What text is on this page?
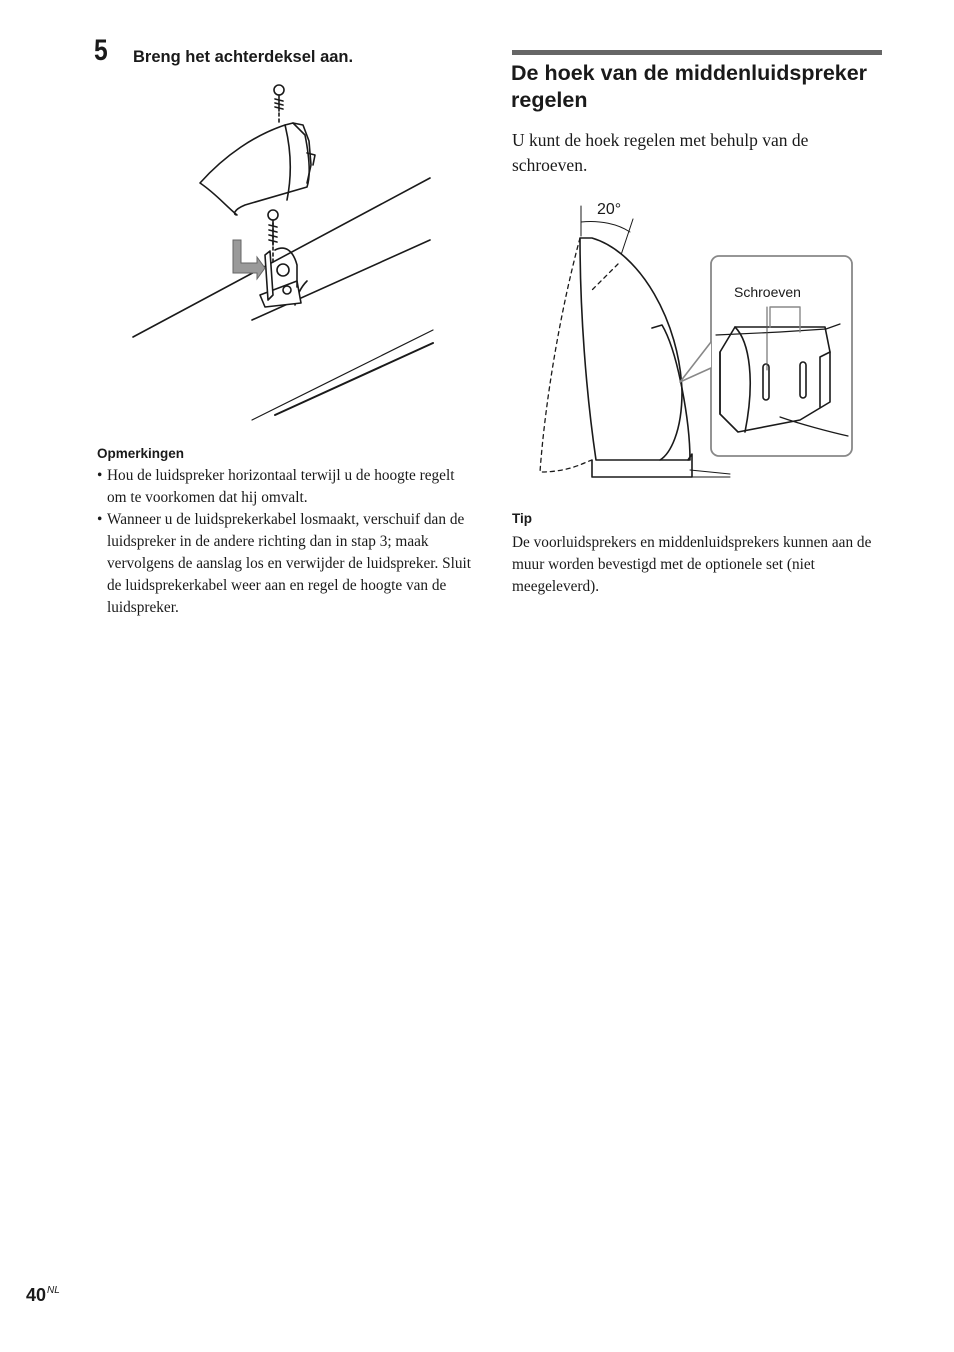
5 Breng het achterdeksel aan.
Opmerkingen
• Hou de luidspreker horizontaal terwijl u de hoogte regelt om te voorkomen dat hij omvalt.
• Wanneer u de luidsprekerkabel losmaakt, verschuif dan de luidspreker in de andere richting dan in stap 3; maak vervolgens de aanslag los en verwijder de luidspreker. Sluit de luidsprekerkabel weer aan en regel de hoogte van de luidspreker.
De hoek van de middenluidspreker regelen
U kunt de hoek regelen met behulp van de schroeven.
20°
Schroeven
Tip
De voorluidsprekers en middenluidsprekers kunnen aan de muur worden bevestigd met de optionele set (niet meegeleverd).
$40^{NL}$
